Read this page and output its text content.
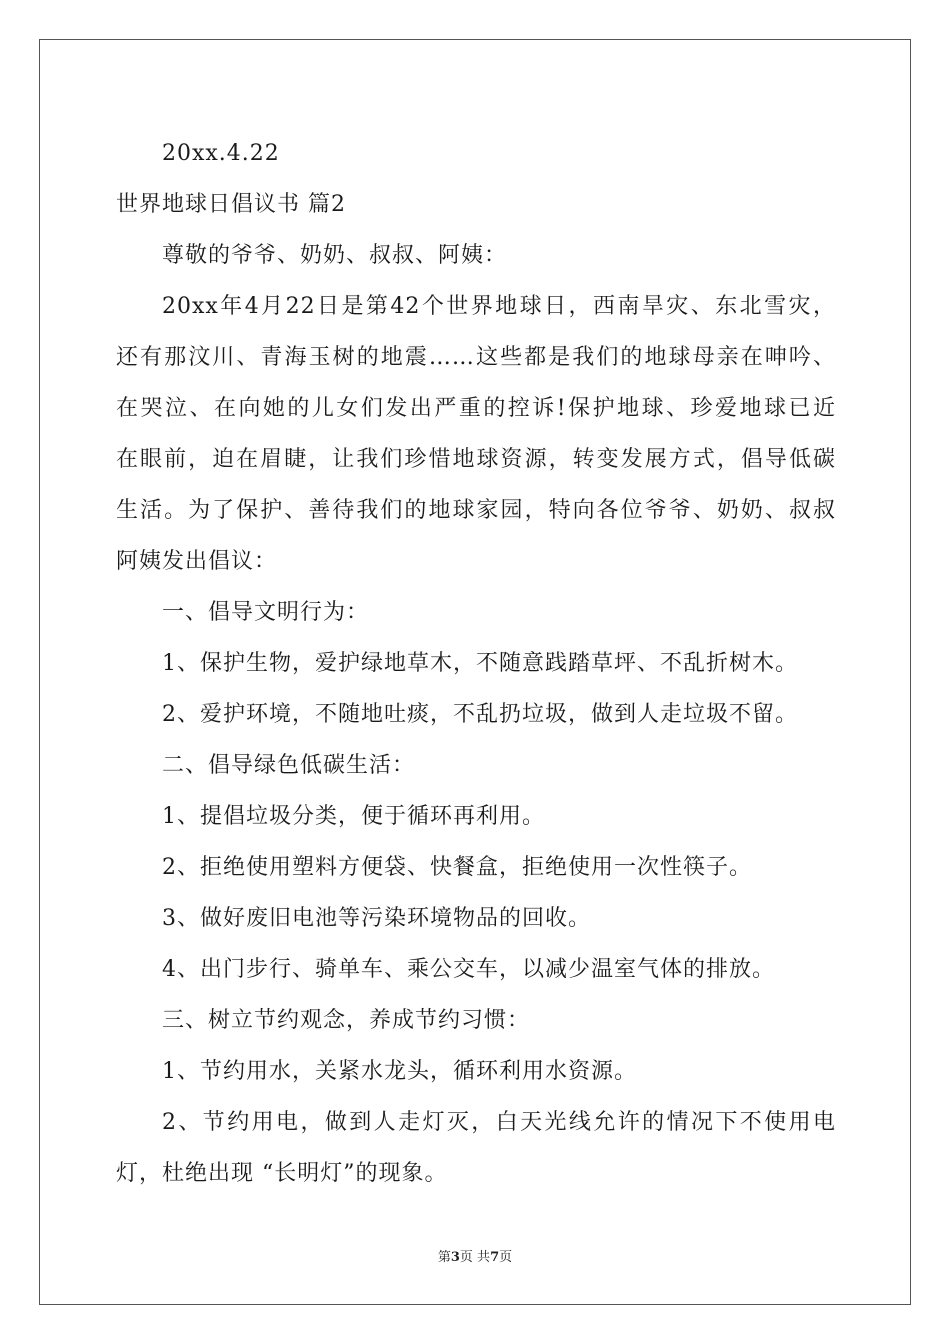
20xx.4.22
世界地球日倡议书 篇2
尊敬的爷爷、奶奶、叔叔、阿姨：
20xx年4月22日是第42个世界地球日，西南旱灾、东北雪灾，
还有那汶川、青海玉树的地震……这些都是我们的地球母亲在呻吟、
在哭泣、在向她的儿女们发出严重的控诉!保护地球、珍爱地球已近
在眼前，迫在眉睫，让我们珍惜地球资源，转变发展方式，倡导低碳
生活。为了保护、善待我们的地球家园，特向各位爷爷、奶奶、叔叔
阿姨发出倡议：
一、倡导文明行为：
1、保护生物，爱护绿地草木，不随意践踏草坪、不乱折树木。
2、爱护环境，不随地吐痰，不乱扔垃圾，做到人走垃圾不留。
二、倡导绿色低碳生活：
1、提倡垃圾分类，便于循环再利用。
2、拒绝使用塑料方便袋、快餐盒，拒绝使用一次性筷子。
3、做好废旧电池等污染环境物品的回收。
4、出门步行、骑单车、乘公交车，以减少温室气体的排放。
三、树立节约观念，养成节约习惯：
1、节约用水，关紧水龙头，循环利用水资源。
2、节约用电，做到人走灯灭，白天光线允许的情况下不使用电
灯，杜绝出现 “长明灯”的现象。
第3页 共7页
